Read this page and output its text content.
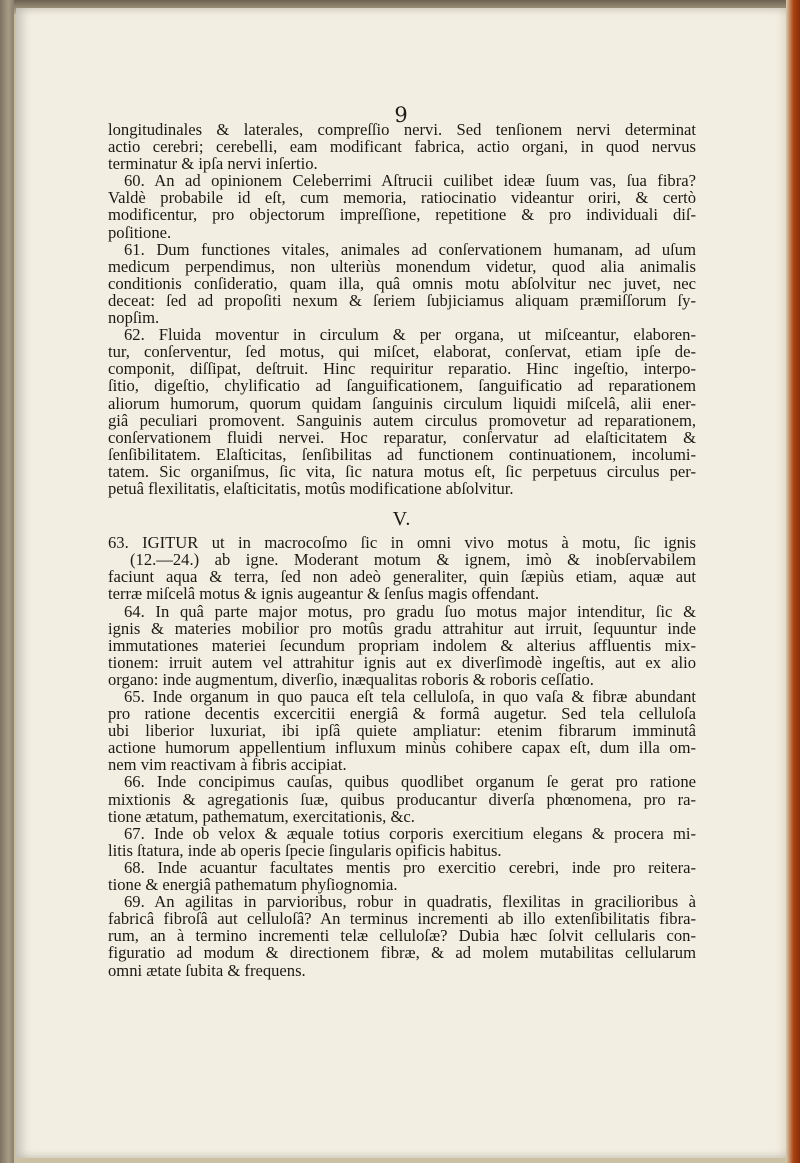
9
longitudinales & laterales, compreſſio nervi. Sed tenſionem nervi determinat
actio cerebri; cerebelli, eam modificant fabrica, actio organi, in quod nervus
terminatur & ipſa nervi inſertio.
60. An ad opinionem Celeberrimi Aſtrucii cuilibet ideæ ſuum vas, ſua fibra?
Valdè probabile id eſt, cum memoria, ratiocinatio videantur oriri, & certò
modificentur, pro objectorum impreſſione, repetitione & pro individuali diſ-
poſitione.
61. Dum functiones vitales, animales ad conſervationem humanam, ad uſum
medicum perpendimus, non ulteriùs monendum videtur, quod alia animalis
conditionis conſideratio, quam illa, quâ omnis motu abſolvitur nec juvet, nec
deceat: ſed ad propoſiti nexum & ſeriem ſubjiciamus aliquam præmiſſorum ſy-
nopſim.
62. Fluida moventur in circulum & per organa, ut miſceantur, elaboren-
tur, conſerventur, ſed motus, qui miſcet, elaborat, conſervat, etiam ipſe de-
componit, diſſipat, deſtruit. Hinc requiritur reparatio. Hinc ingeſtio, interpo-
ſitio, digeſtio, chylificatio ad ſanguificationem, ſanguificatio ad reparationem
aliorum humorum, quorum quidam ſanguinis circulum liquidi miſcelâ, alii ener-
giâ peculiari promovent. Sanguinis autem circulus promovetur ad reparationem,
conſervationem fluidi nervei. Hoc reparatur, conſervatur ad elaſticitatem &
ſenſibilitatem. Elaſticitas, ſenſibilitas ad functionem continuationem, incolumi-
tatem. Sic organiſmus, ſic vita, ſic natura motus eſt, ſic perpetuus circulus per-
petuâ flexilitatis, elaſticitatis, motûs modificatione abſolvitur.
V.
63. IGITUR ut in macrocoſmo ſic in omni vivo motus à motu, ſic ignis
(12.—24.) ab igne. Moderant motum & ignem, imò & inobſervabilem
faciunt aqua & terra, ſed non adeò generaliter, quin ſæpiùs etiam, aquæ aut
terræ miſcelâ motus & ignis augeantur & ſenſus magis offendant.
64. In quâ parte major motus, pro gradu ſuo motus major intenditur, ſic &
ignis & materies mobilior pro motûs gradu attrahitur aut irruit, ſequuntur inde
immutationes materiei ſecundum propriam indolem & alterius affluentis mix-
tionem: irruit autem vel attrahitur ignis aut ex diverſimodè ingeſtis, aut ex alio
organo: inde augmentum, diverſio, inæqualitas roboris & roboris ceſſatio.
65. Inde organum in quo pauca eſt tela celluloſa, in quo vaſa & fibræ abundant
pro ratione decentis excercitii energiâ & formâ augetur. Sed tela celluloſa
ubi liberior luxuriat, ibi ipſâ quiete ampliatur: etenim fibrarum imminutâ
actione humorum appellentium influxum minùs cohibere capax eſt, dum illa om-
nem vim reactivam à fibris accipiat.
66. Inde concipimus cauſas, quibus quodlibet organum ſe gerat pro ratione
mixtionis & agregationis ſuæ, quibus producantur diverſa phœnomena, pro ra-
tione ætatum, pathematum, exercitationis, &c.
67. Inde ob velox & æquale totius corporis exercitium elegans & procera mi-
litis ſtatura, inde ab operis ſpecie ſingularis opificis habitus.
68. Inde acuantur facultates mentis pro exercitio cerebri, inde pro reitera-
tione & energiâ pathematum phyſiognomia.
69. An agilitas in parvioribus, robur in quadratis, flexilitas in gracilioribus à
fabricâ fibroſâ aut celluloſâ? An terminus incrementi ab illo extenſibilitatis fibra-
rum, an à termino incrementi telæ celluloſæ? Dubia hæc ſolvit cellularis con-
figuratio ad modum & directionem fibræ, & ad molem mutabilitas cellularum
omni ætate ſubita & frequens.
